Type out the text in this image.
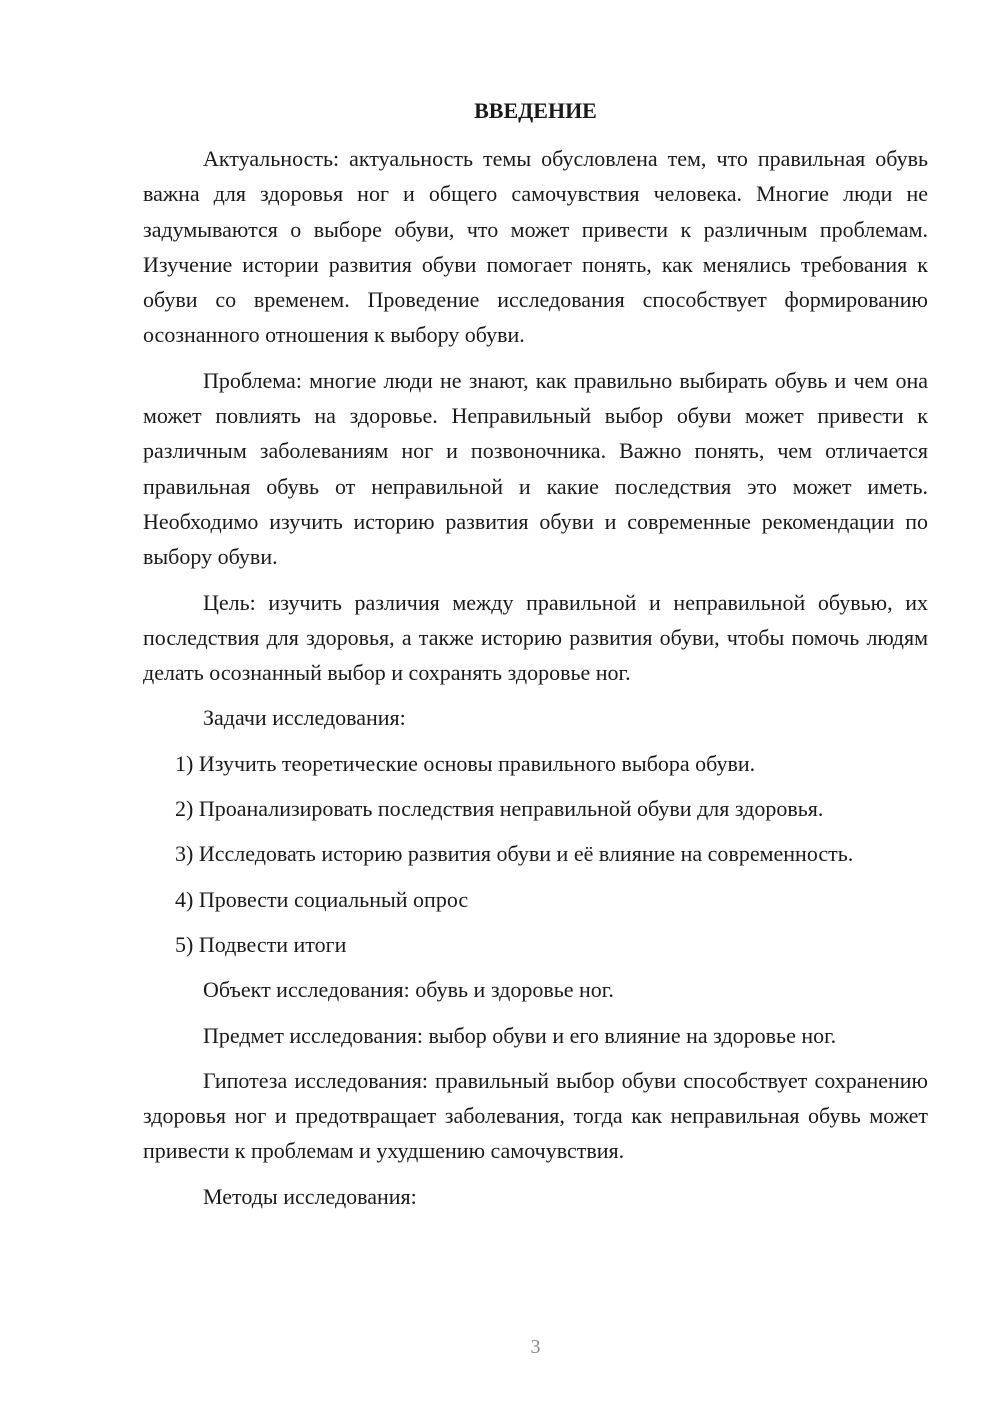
ВВЕДЕНИЕ

Актуальность: актуальность темы обусловлена тем, что правильная обувь важна для здоровья ног и общего самочувствия человека. Многие люди не задумываются о выборе обуви, что может привести к различным проблемам. Изучение истории развития обуви помогает понять, как менялись требования к обуви со временем. Проведение исследования способствует формированию осознанного отношения к выбору обуви.

Проблема: многие люди не знают, как правильно выбирать обувь и чем она может повлиять на здоровье. Неправильный выбор обуви может привести к различным заболеваниям ног и позвоночника. Важно понять, чем отличается правильная обувь от неправильной и какие последствия это может иметь. Необходимо изучить историю развития обуви и современные рекомендации по выбору обуви.

Цель: изучить различия между правильной и неправильной обувью, их последствия для здоровья, а также историю развития обуви, чтобы помочь людям делать осознанный выбор и сохранять здоровье ног.

Задачи исследования:

1) Изучить теоретические основы правильного выбора обуви.

2) Проанализировать последствия неправильной обуви для здоровья.

3) Исследовать историю развития обуви и её влияние на современность.

4) Провести социальный опрос

5) Подвести итоги

Объект исследования: обувь и здоровье ног.

Предмет исследования: выбор обуви и его влияние на здоровье ног.

Гипотеза исследования: правильный выбор обуви способствует сохранению здоровья ног и предотвращает заболевания, тогда как неправильная обувь может привести к проблемам и ухудшению самочувствия.

Методы исследования:

3
